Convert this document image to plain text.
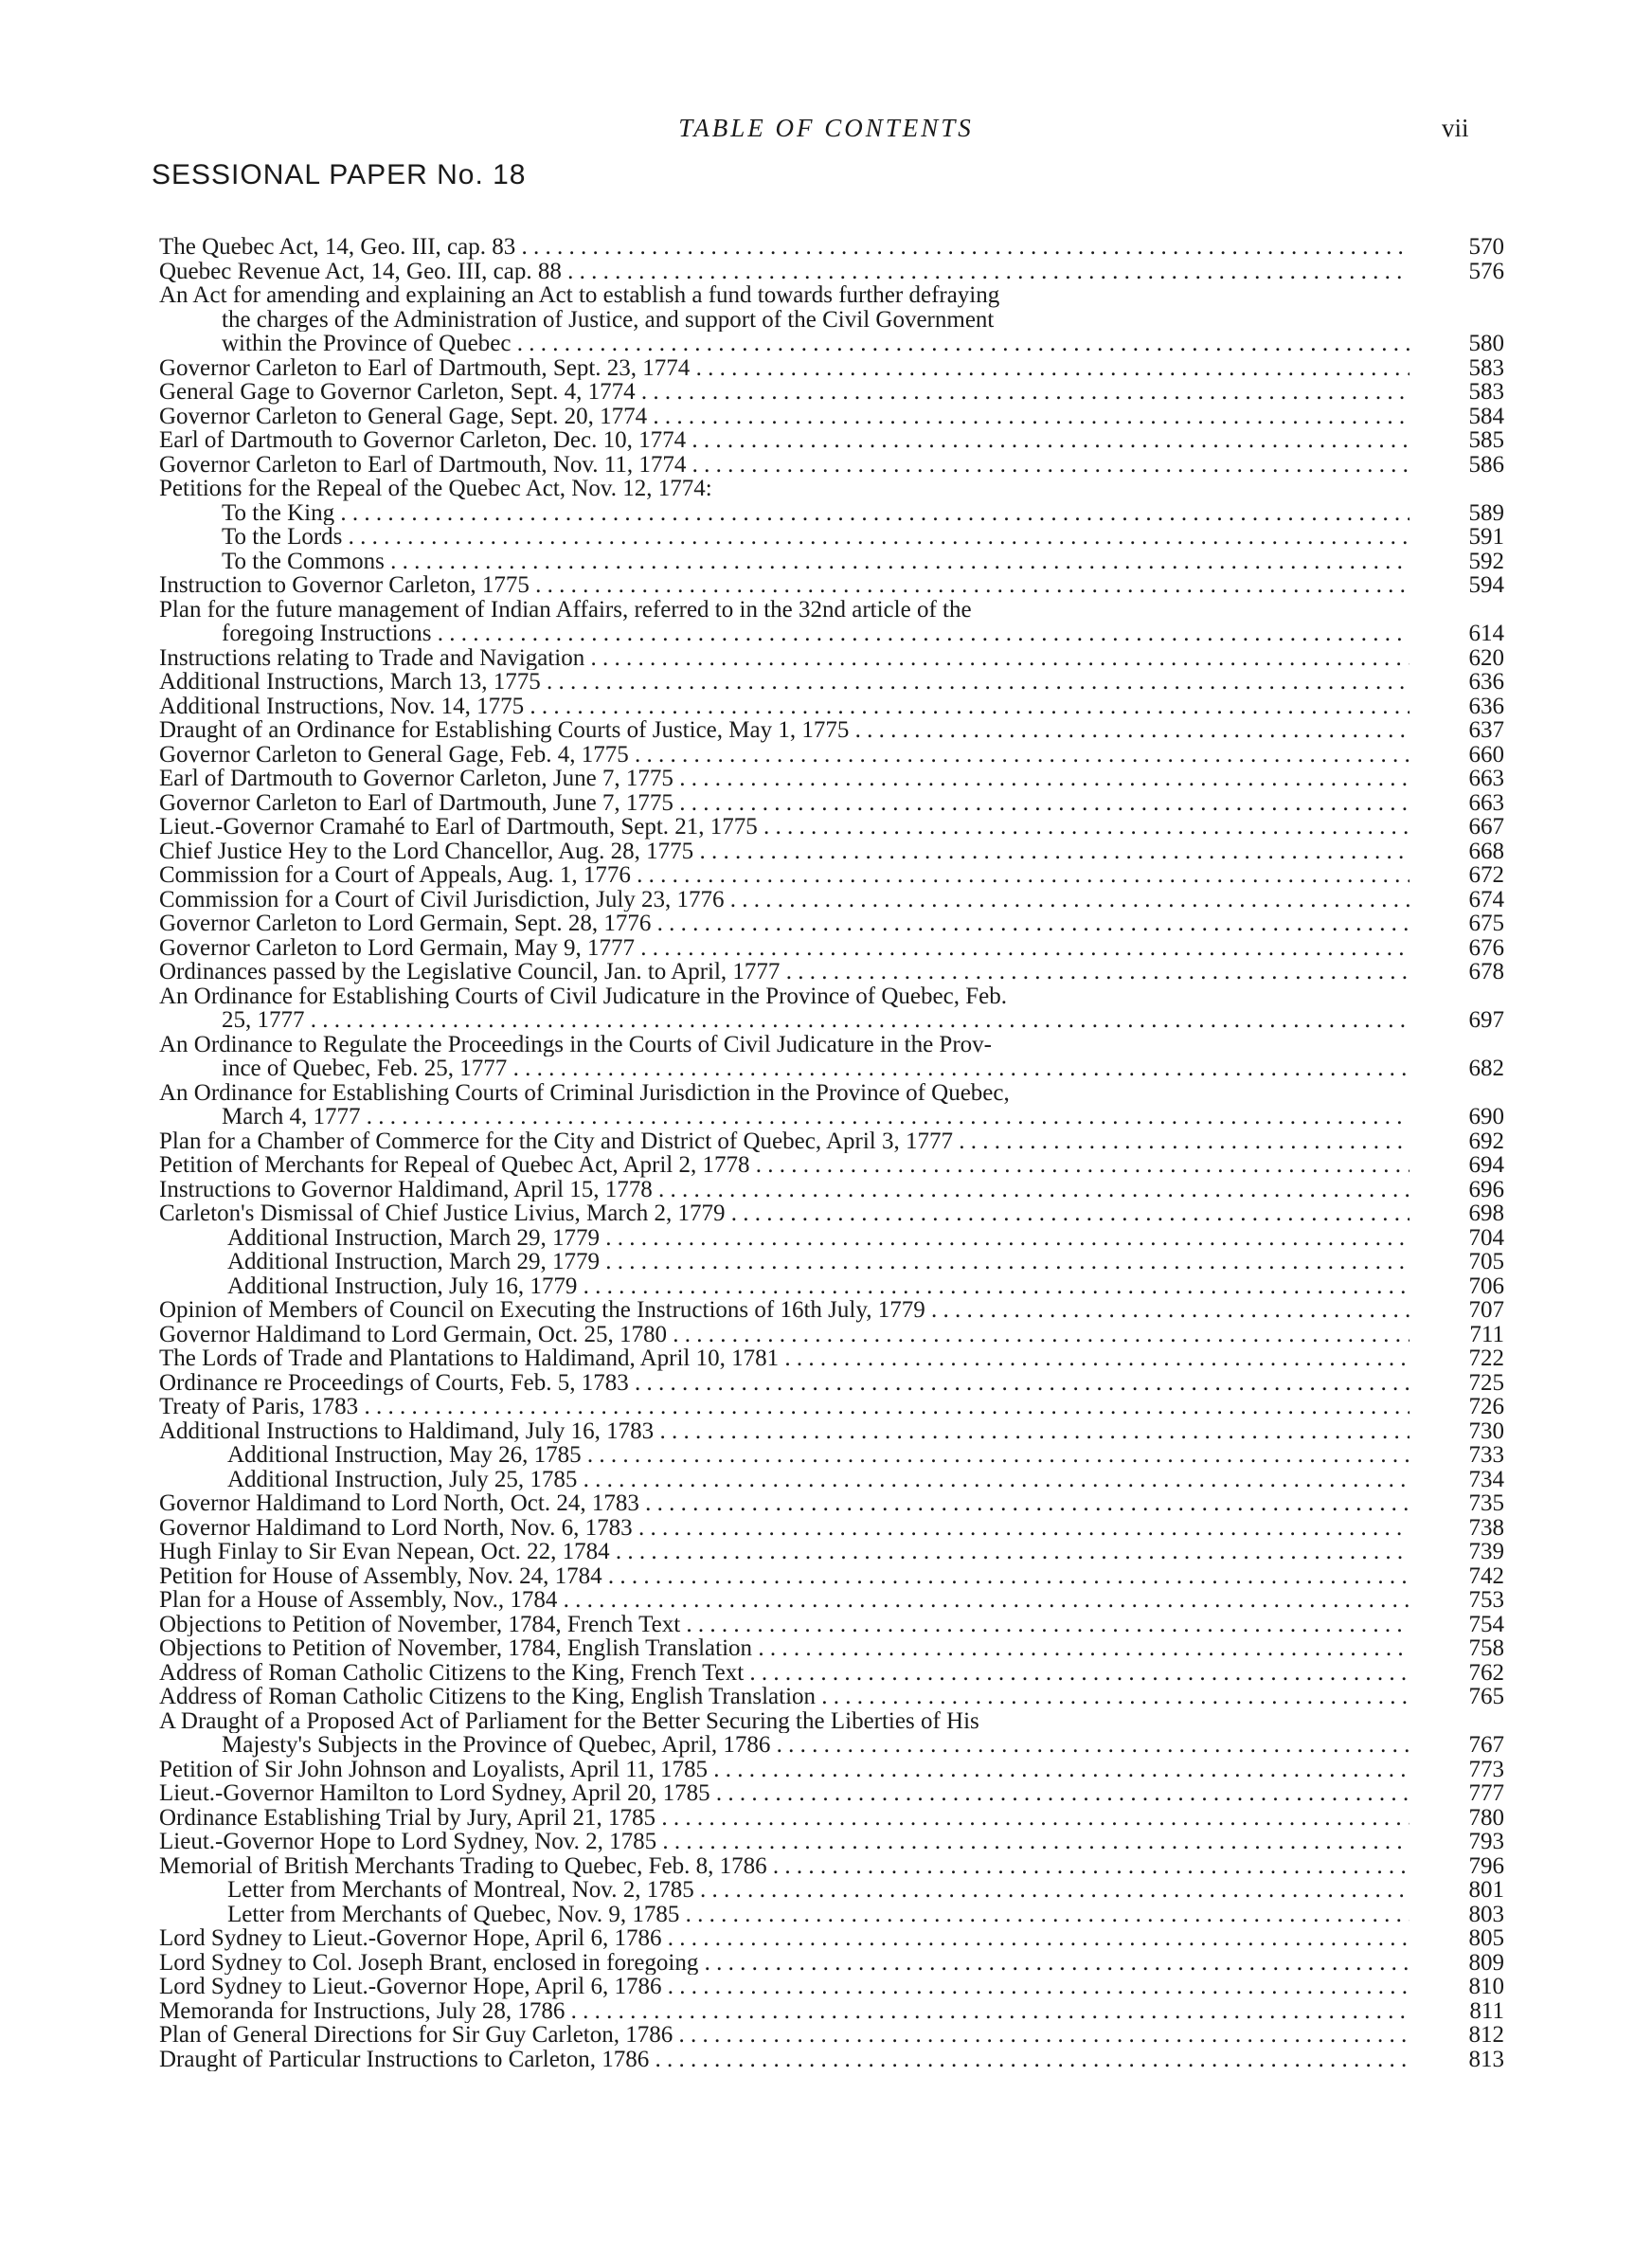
TABLE OF CONTENTS	vii
SESSIONAL PAPER No. 18
The Quebec Act, 14, Geo. III, cap. 83 . . .	570
Quebec Revenue Act, 14, Geo. III, cap. 88 . . .	576
An Act for amending and explaining an Act to establish a fund towards further defraying
the charges of the Administration of Justice, and support of the Civil Government
within the Province of Quebec . . .	580
Governor Carleton to Earl of Dartmouth, Sept. 23, 1774 . . .	583
General Gage to Governor Carleton, Sept. 4, 1774 . . .	583
Governor Carleton to General Gage, Sept. 20, 1774 . . .	584
Earl of Dartmouth to Governor Carleton, Dec. 10, 1774 . . .	585
Governor Carleton to Earl of Dartmouth, Nov. 11, 1774 . . .	586
Petitions for the Repeal of the Quebec Act, Nov. 12, 1774:
To the King . . .	589
To the Lords . . .	591
To the Commons . . .	592
Instruction to Governor Carleton, 1775 . . .	594
Plan for the future management of Indian Affairs, referred to in the 32nd article of the
foregoing Instructions . . .	614
Instructions relating to Trade and Navigation . . .	620
Additional Instructions, March 13, 1775 . . .	636
Additional Instructions, Nov. 14, 1775 . . .	636
Draught of an Ordinance for Establishing Courts of Justice, May 1, 1775 . . .	637
Governor Carleton to General Gage, Feb. 4, 1775 . . .	660
Earl of Dartmouth to Governor Carleton, June 7, 1775 . . .	663
Governor Carleton to Earl of Dartmouth, June 7, 1775 . . .	663
Lieut.-Governor Cramahé to Earl of Dartmouth, Sept. 21, 1775 . . .	667
Chief Justice Hey to the Lord Chancellor, Aug. 28, 1775 . . .	668
Commission for a Court of Appeals, Aug. 1, 1776 . . .	672
Commission for a Court of Civil Jurisdiction, July 23, 1776 . . .	674
Governor Carleton to Lord Germain, Sept. 28, 1776 . . .	675
Governor Carleton to Lord Germain, May 9, 1777 . . .	676
Ordinances passed by the Legislative Council, Jan. to April, 1777 . . .	678
An Ordinance for Establishing Courts of Civil Judicature in the Province of Quebec, Feb.
25, 1777 . . .	697
An Ordinance to Regulate the Proceedings in the Courts of Civil Judicature in the Prov-
ince of Quebec, Feb. 25, 1777 . . .	682
An Ordinance for Establishing Courts of Criminal Jurisdiction in the Province of Quebec,
March 4, 1777 . . .	690
Plan for a Chamber of Commerce for the City and District of Quebec, April 3, 1777 . . .	692
Petition of Merchants for Repeal of Quebec Act, April 2, 1778 . . .	694
Instructions to Governor Haldimand, April 15, 1778 . . .	696
Carleton's Dismissal of Chief Justice Livius, March 2, 1779 . . .	698
Additional Instruction, March 29, 1779 . . .	704
Additional Instruction, March 29, 1779 . . .	705
Additional Instruction, July 16, 1779 . . .	706
Opinion of Members of Council on Executing the Instructions of 16th July, 1779 . . .	707
Governor Haldimand to Lord Germain, Oct. 25, 1780 . . .	711
The Lords of Trade and Plantations to Haldimand, April 10, 1781 . . .	722
Ordinance re Proceedings of Courts, Feb. 5, 1783 . . .	725
Treaty of Paris, 1783 . . .	726
Additional Instructions to Haldimand, July 16, 1783 . . .	730
Additional Instruction, May 26, 1785 . . .	733
Additional Instruction, July 25, 1785 . . .	734
Governor Haldimand to Lord North, Oct. 24, 1783 . . .	735
Governor Haldimand to Lord North, Nov. 6, 1783 . . .	738
Hugh Finlay to Sir Evan Nepean, Oct. 22, 1784 . . .	739
Petition for House of Assembly, Nov. 24, 1784 . . .	742
Plan for a House of Assembly, Nov., 1784 . . .	753
Objections to Petition of November, 1784, French Text . . .	754
Objections to Petition of November, 1784, English Translation . . .	758
Address of Roman Catholic Citizens to the King, French Text . . .	762
Address of Roman Catholic Citizens to the King, English Translation . . .	765
A Draught of a Proposed Act of Parliament for the Better Securing the Liberties of His
Majesty's Subjects in the Province of Quebec, April, 1786 . . .	767
Petition of Sir John Johnson and Loyalists, April 11, 1785 . . .	773
Lieut.-Governor Hamilton to Lord Sydney, April 20, 1785 . . .	777
Ordinance Establishing Trial by Jury, April 21, 1785 . . .	780
Lieut.-Governor Hope to Lord Sydney, Nov. 2, 1785 . . .	793
Memorial of British Merchants Trading to Quebec, Feb. 8, 1786 . . .	796
Letter from Merchants of Montreal, Nov. 2, 1785 . . .	801
Letter from Merchants of Quebec, Nov. 9, 1785 . . .	803
Lord Sydney to Lieut.-Governor Hope, April 6, 1786 . . .	805
Lord Sydney to Col. Joseph Brant, enclosed in foregoing . . .	809
Lord Sydney to Lieut.-Governor Hope, April 6, 1786 . . .	810
Memoranda for Instructions, July 28, 1786 . . .	811
Plan of General Directions for Sir Guy Carleton, 1786 . . .	812
Draught of Particular Instructions to Carleton, 1786 . . .	813
